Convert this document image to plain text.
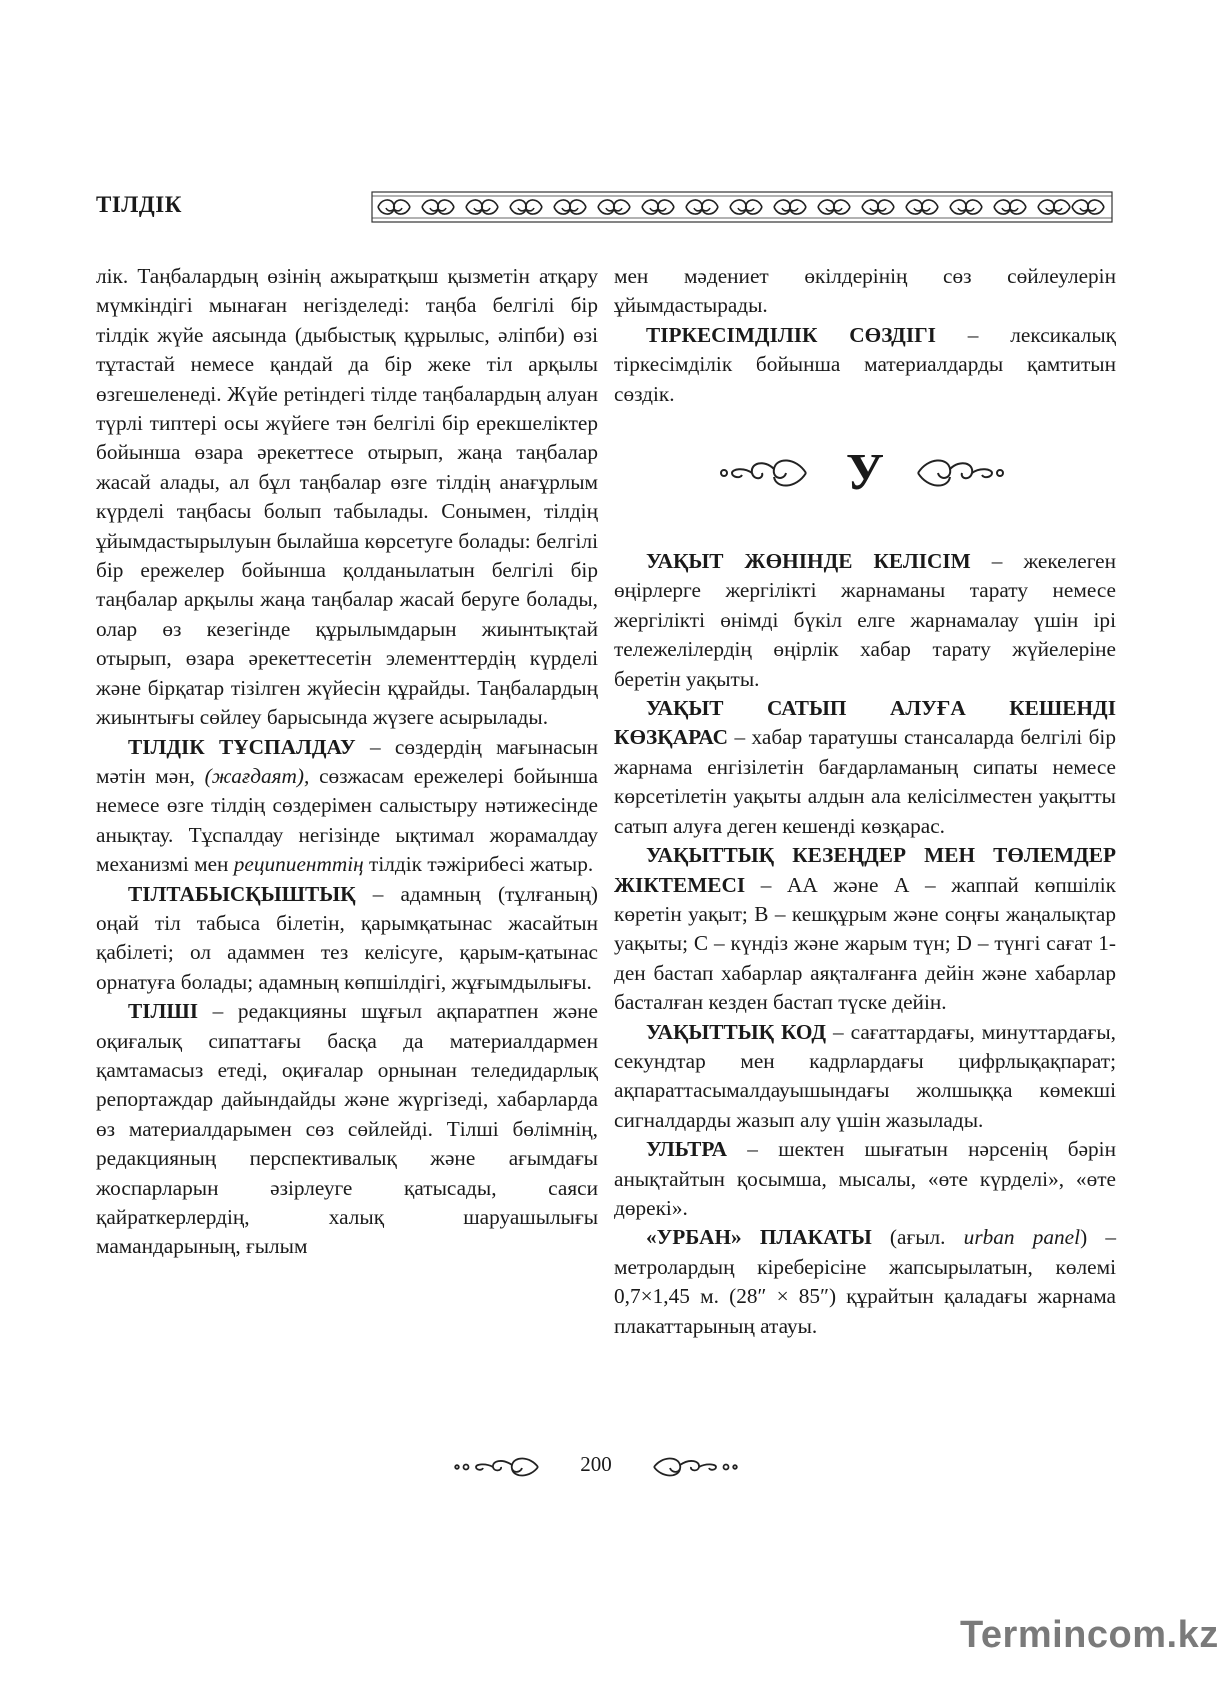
ТІЛДІК

лік. Таңбалардың өзінің ажыратқыш қызметін атқару мүмкіндігі мынаған негізделеді: таңба белгілі бір тілдік жүйе аясында (дыбыстық құрылыс, әліпби) өзі тұтастай немесе қандай да бір жеке тіл арқылы өзгешеленеді. Жүйе ретіндегі тілде таңбалардың алуан түрлі типтері осы жүйеге тән белгілі бір ерекшеліктер бойынша өзара әрекеттесе отырып, жаңа таңбалар жасай алады, ал бұл таңбалар өзге тілдің анағұрлым күрделі таңбасы болып табылады. Сонымен, тілдің ұйымдастырылуын былайша көрсетуге болады: белгілі бір ережелер бойынша қолданылатын белгілі бір таңбалар арқылы жаңа таңбалар жасай беруге болады, олар өз кезегінде құрылымдарын жиынтықтай отырып, өзара әрекеттесетін элементтердің күрделі және бірқатар тізілген жүйесін құрайды. Таңбалардың жиынтығы сөйлеу барысында жүзеге асырылады.

ТІЛДІК ТҰСПАЛДАУ – сөздердің мағынасын мәтін мән, (жағдаят), сөзжасам ережелері бойынша немесе өзге тілдің сөздерімен салыстыру нәтижесінде анықтау. Тұспалдау негізінде ықтимал жорамалдау механизмі мен реципиенттің тілдік тәжірибесі жатыр.

ТІЛТАБЫСҚЫШТЫҚ – адамның (тұлғаның) оңай тіл табыса білетін, қарымқатынас жасайтын қабілеті; ол адаммен тез келісуге, қарым-қатынас орнатуға болады; адамның көпшілдігі, жұғымдылығы.

ТІЛШІ – редакцияны шұғыл ақпаратпен және оқиғалық сипаттағы басқа да материалдармен қамтамасыз етеді, оқиғалар орнынан теледидарлық репортаждар дайындайды және жүргізеді, хабарларда өз материалдарымен сөз сөйлейді. Тілші бөлімнің, редакцияның перспективалық және ағымдағы жоспарларын әзірлеуге қатысады, саяси қайраткерлердің, халық шаруашылығы мамандарының, ғылым

мен мәдениет өкілдерінің сөз сөйлеулерін ұйымдастырады.

ТІРКЕСІМДІЛІК СӨЗДІГІ – лексикалық тіркесімділік бойынша материалдарды қамтитын сөздік.

У

УАҚЫТ ЖӨНІНДЕ КЕЛІСІМ – жекелеген өңірлерге жергілікті жарнаманы тарату немесе жергілікті өнімді бүкіл елге жарнамалау үшін ірі тележелілердің өңірлік хабар тарату жүйелеріне беретін уақыты.

УАҚЫТ САТЫП АЛУҒА КЕШЕНДІ КӨЗҚАРАС – хабар таратушы стансаларда белгілі бір жарнама енгізілетін бағдарламаның сипаты немесе көрсетілетін уақыты алдын ала келісілместен уақытты сатып алуға деген кешенді көзқарас.

УАҚЫТТЫҚ КЕЗЕҢДЕР МЕН ТӨЛЕМДЕР ЖІКТЕМЕСІ – АА және А – жаппай көпшілік көретін уақыт; В – кешқұрым және соңғы жаңалықтар уақыты; С – күндіз және жарым түн; D – түнгі сағат 1-ден бастап хабарлар аяқталғанға дейін және хабарлар басталған кезден бастап түске дейін.

УАҚЫТТЫҚ КОД – сағаттардағы, минуттардағы, секундтар мен кадрлардағы цифрлықақпарат; ақпараттасымалдауышындағы жолшыққа көмекші сигналдарды жазып алу үшін жазылады.

УЛЬТРА – шектен шығатын нәрсенің бәрін анықтайтын қосымша, мысалы, «өте күрделі», «өте дөрекі».

«УРБАН» ПЛАКАТЫ (ағыл. urban panel) – метролардың кіреберісіне жапсырылатын, көлемі 0,7×1,45 м. (28″ × 85″) құрайтын қаладағы жарнама плакаттарының атауы.

200
Termincom.kz
